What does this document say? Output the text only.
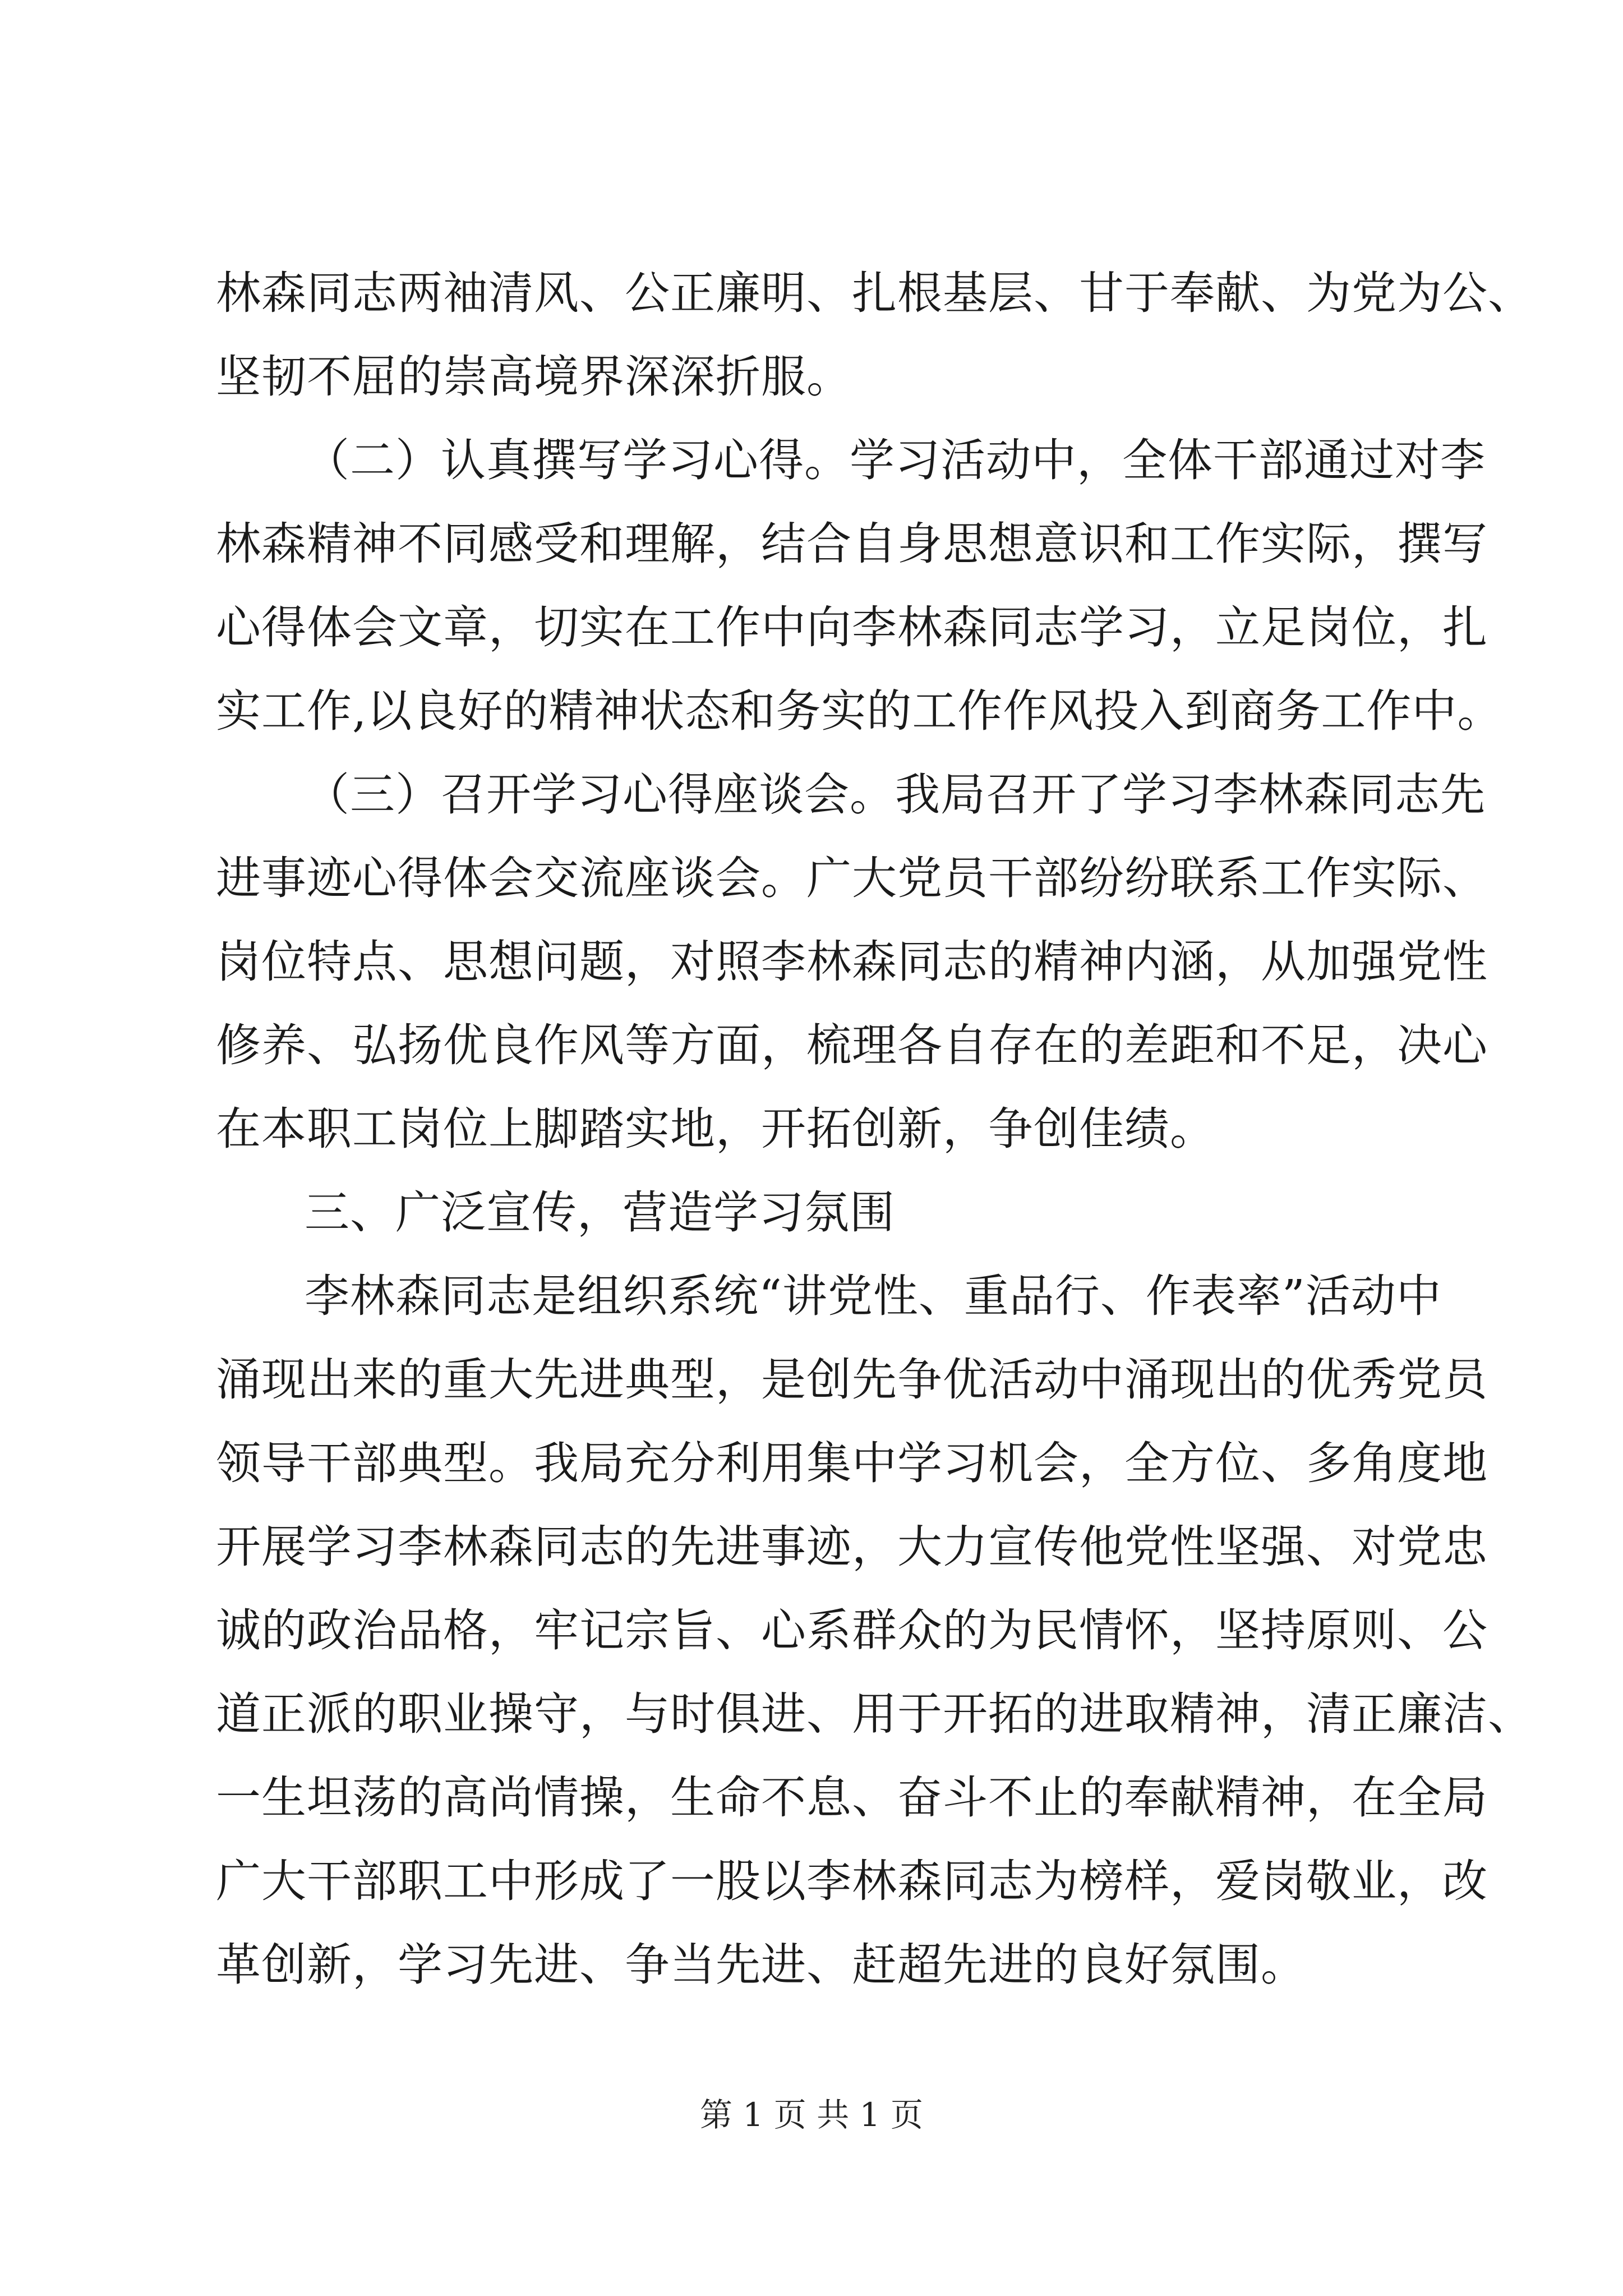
林森同志两袖清风、公正廉明、扎根基层、甘于奉献、为党为公、
坚韧不屈的崇高境界深深折服。
（二）认真撰写学习心得。学习活动中，全体干部通过对李
林森精神不同感受和理解，结合自身思想意识和工作实际，撰写
心得体会文章，切实在工作中向李林森同志学习，立足岗位，扎
实工作,以良好的精神状态和务实的工作作风投入到商务工作中。
（三）召开学习心得座谈会。我局召开了学习李林森同志先
进事迹心得体会交流座谈会。广大党员干部纷纷联系工作实际、
岗位特点、思想问题，对照李林森同志的精神内涵，从加强党性
修养、弘扬优良作风等方面，梳理各自存在的差距和不足，决心
在本职工岗位上脚踏实地，开拓创新，争创佳绩。
三、广泛宣传，营造学习氛围
李林森同志是组织系统“讲党性、重品行、作表率”活动中
涌现出来的重大先进典型，是创先争优活动中涌现出的优秀党员
领导干部典型。我局充分利用集中学习机会，全方位、多角度地
开展学习李林森同志的先进事迹，大力宣传他党性坚强、对党忠
诚的政治品格，牢记宗旨、心系群众的为民情怀，坚持原则、公
道正派的职业操守，与时俱进、用于开拓的进取精神，清正廉洁、
一生坦荡的高尚情操，生命不息、奋斗不止的奉献精神，在全局
广大干部职工中形成了一股以李林森同志为榜样，爱岗敬业，改
革创新，学习先进、争当先进、赶超先进的良好氛围。
第 1 页 共 1 页
